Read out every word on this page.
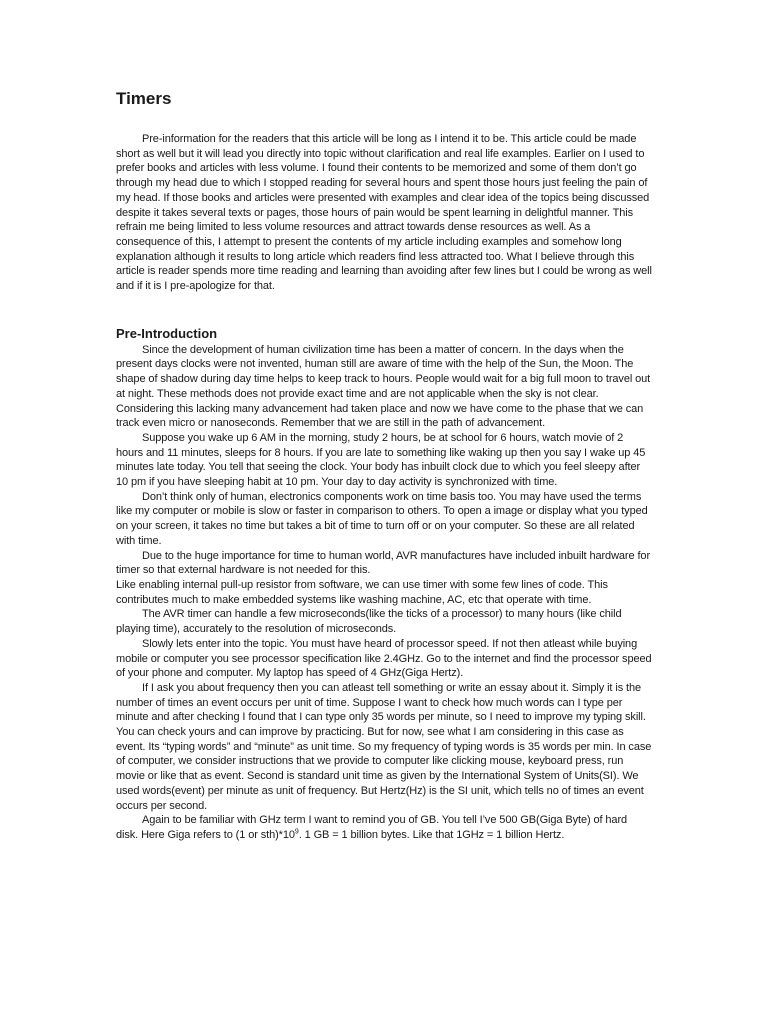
Timers

Pre-information for the readers that this article will be long as I intend it to be. This article could be made short as well but it will lead you directly into topic without clarification and real life examples. Earlier on I used to prefer books and articles with less volume. I found their contents to be memorized and some of them don’t go through my head due to which I stopped reading for several hours and spent those hours just feeling the pain of my head. If those books and articles were presented with examples and clear idea of the topics being discussed despite it takes several texts or pages, those hours of pain would be spent learning in delightful manner. This refrain me being limited to less volume resources and attract towards dense resources as well. As a consequence of this, I attempt to present the contents of my article including examples and somehow long explanation although it results to long article which readers find less attracted too. What I believe through this article is reader spends more time reading and learning than avoiding after few lines but I could be wrong as well and if it is I pre-apologize for that.

Pre-Introduction

Since the development of human civilization time has been a matter of concern. In the days when the present days clocks were not invented, human still are aware of time with the help of the Sun, the Moon. The shape of shadow during day time helps to keep track to hours. People would wait for a big full moon to travel out at night. These methods does not provide exact time and are not applicable when the sky is not clear. Considering this lacking many advancement had taken place and now we have come to the phase that we can track even micro or nanoseconds. Remember that we are still in the path of advancement.

Suppose you wake up 6 AM in the morning, study 2 hours, be at school for 6 hours, watch movie of 2 hours and 11 minutes, sleeps for 8 hours. If you are late to something like waking up then you say I wake up 45 minutes late today. You tell that seeing the clock. Your body has inbuilt clock due to which you feel sleepy after 10 pm if you have sleeping habit at 10 pm. Your day to day activity is synchronized with time.

Don’t think only of human, electronics components work on time basis too. You may have used the terms like my computer or mobile is slow or faster in comparison to others. To open a image or display what you typed on your screen, it takes no time but takes a bit of time to turn off or on your computer. So these are all related with time.

Due to the huge importance for time to human world, AVR manufactures have included inbuilt hardware for timer so that external hardware is not needed for this.

Like enabling internal pull-up resistor from software, we can use timer with some few lines of code. This contributes much to make embedded systems like washing machine, AC, etc that operate with time.

The AVR timer can handle a few microseconds(like the ticks of a processor) to many hours (like child playing time), accurately to the resolution of microseconds.

Slowly lets enter into the topic. You must have heard of processor speed. If not then atleast while buying mobile or computer you see processor specification like 2.4GHz. Go to the internet and find the processor speed of your phone and computer. My laptop has speed of 4 GHz(Giga Hertz).

If I ask you about frequency then you can atleast tell something or write an essay about it. Simply it is the number of times an event occurs per unit of time. Suppose I want to check how much words can I type per minute and after checking I found that I can type only 35 words per minute, so I need to improve my typing skill. You can check yours and can improve by practicing. But for now, see what I am considering in this case as event. Its “typing words” and “minute” as unit time. So my frequency of typing words is 35 words per min. In case of computer, we consider instructions that we provide to computer like clicking mouse, keyboard press, run movie or like that as event. Second is standard unit time as given by the International System of Units(SI). We used words(event) per minute as unit of frequency. But Hertz(Hz) is the SI unit, which tells no of times an event occurs per second.

Again to be familiar with GHz term I want to remind you of GB. You tell I’ve 500 GB(Giga Byte) of hard disk. Here Giga refers to (1 or $sth)*10^9$. 1 GB = 1 billion bytes. Like that 1GHz = 1 billion Hertz.
